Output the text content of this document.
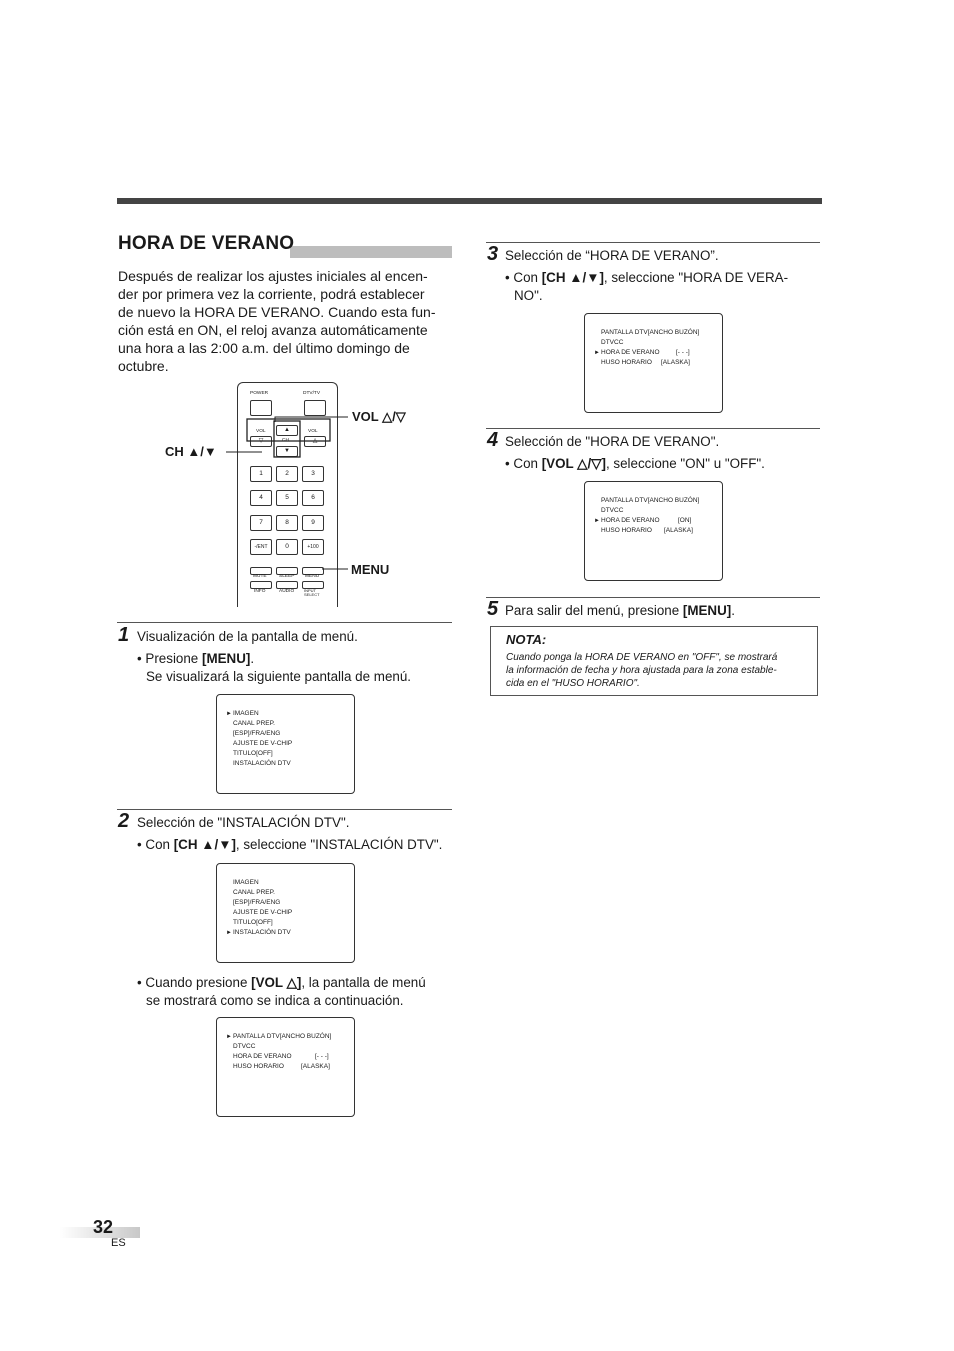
HORA DE VERANO
Después de realizar los ajustes iniciales al encen-
der por primera vez la corriente, podrá establecer
de nuevo la HORA DE VERANO. Cuando esta fun-
ción está en ON, el reloj avanza automáticamente
una hora a las 2:00 a.m. del último domingo de
octubre.
POWER	DTV/TV
VOL	VOL
▽	△
▲
CH
▼
1	2	3
4	5	6
7	8	9
-/ENT	0	+100
MUTE	SLEEP MENU
INFO	AUDIO INPUT SELECT
VOL △/▽
CH ▲/▼
MENU
1 Visualización de la pantalla de menú.
• Presione [MENU].
Se visualizará la siguiente pantalla de menú.
► IMAGEN
CANAL PREP.
[ESP]/FRA/ENG
AJUSTE DE V-CHIP
TITULO[OFF]
INSTALACIÓN DTV
2 Selección de "INSTALACIÓN DTV".
• Con [CH ▲/▼], seleccione "INSTALACIÓN DTV".
IMAGEN
CANAL PREP.
[ESP]/FRA/ENG
AJUSTE DE V-CHIP
TITULO[OFF]
► INSTALACIÓN DTV
• Cuando presione [VOL △], la pantalla de menú
se mostrará como se indica a continuación.
► PANTALLA DTV[ANCHO BUZÓN]
DTVCC
HORA DE VERANO	[- - -]
HUSO HORARIO	[ALASKA]
3 Selección de “HORA DE VERANO”.
• Con [CH ▲/▼], seleccione "HORA DE VERA-
NO".
PANTALLA DTV[ANCHO BUZÓN]
DTVCC
► HORA DE VERANO	[- - -]
HUSO HORARIO [ALASKA]
4 Selección de "HORA DE VERANO".
• Con [VOL △/▽], seleccione "ON" u "OFF".
PANTALLA DTV[ANCHO BUZÓN]
DTVCC
► HORA DE VERANO	[ON]
HUSO HORARIO [ALASKA]
5 Para salir del menú, presione [MENU].
NOTA:
Cuando ponga la HORA DE VERANO en "OFF", se mostrará
la información de fecha y hora ajustada para la zona estable-
cida en el "HUSO HORARIO".
32
ES
